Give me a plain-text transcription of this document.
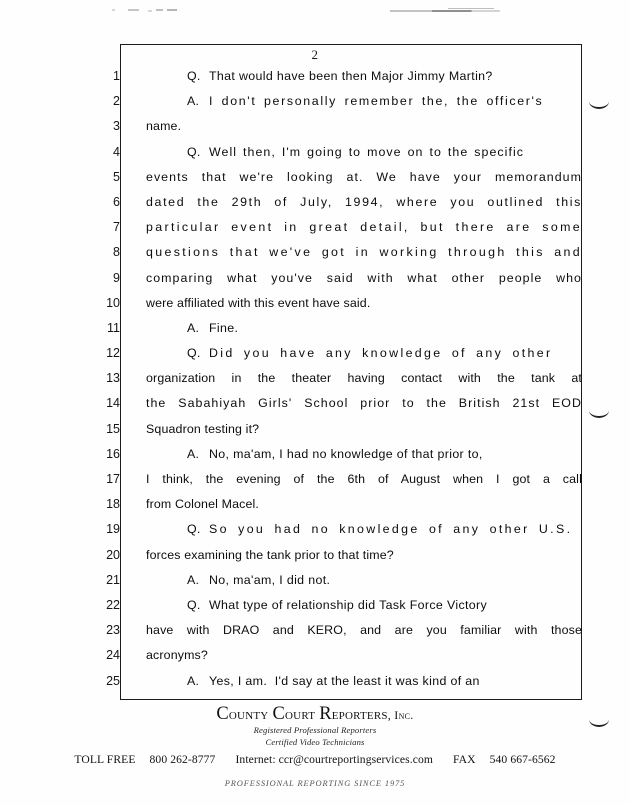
2
1	Q. That would have been then Major Jimmy Martin?
2	A. I don't personally remember the, the officer's
3	name.
4	Q. Well then, I'm going to move on to the specific
5	events that we're looking at. We have your memorandum
6	dated the 29th of July, 1994, where you outlined this
7	particular event in great detail, but there are some
8	questions that we've got in working through this and
9	comparing what you've said with what other people who
10	were affiliated with this event have said.
11	A. Fine.
12	Q. Did you have any knowledge of any other
13	organization in the theater having contact with the tank at
14	the Sabahiyah Girls' School prior to the British 21st EOD
15	Squadron testing it?
16	A. No, ma'am, I had no knowledge of that prior to,
17	I think, the evening of the 6th of August when I got a call
18	from Colonel Macel.
19	Q. So you had no knowledge of any other U.S.
20	forces examining the tank prior to that time?
21	A. No, ma'am, I did not.
22	Q. What type of relationship did Task Force Victory
23	have with DRAO and KERO, and are you familiar with those
24	acronyms?
25	A. Yes, I am.  I'd say at the least it was kind of an
County Court Reporters, Inc.
Registered Professional Reporters
Certified Video Technicians
TOLL FREE 800 262-8777 Internet: ccr@courtreportingservices.com FAX 540 667-6562
PROFESSIONAL REPORTING SINCE 1975
